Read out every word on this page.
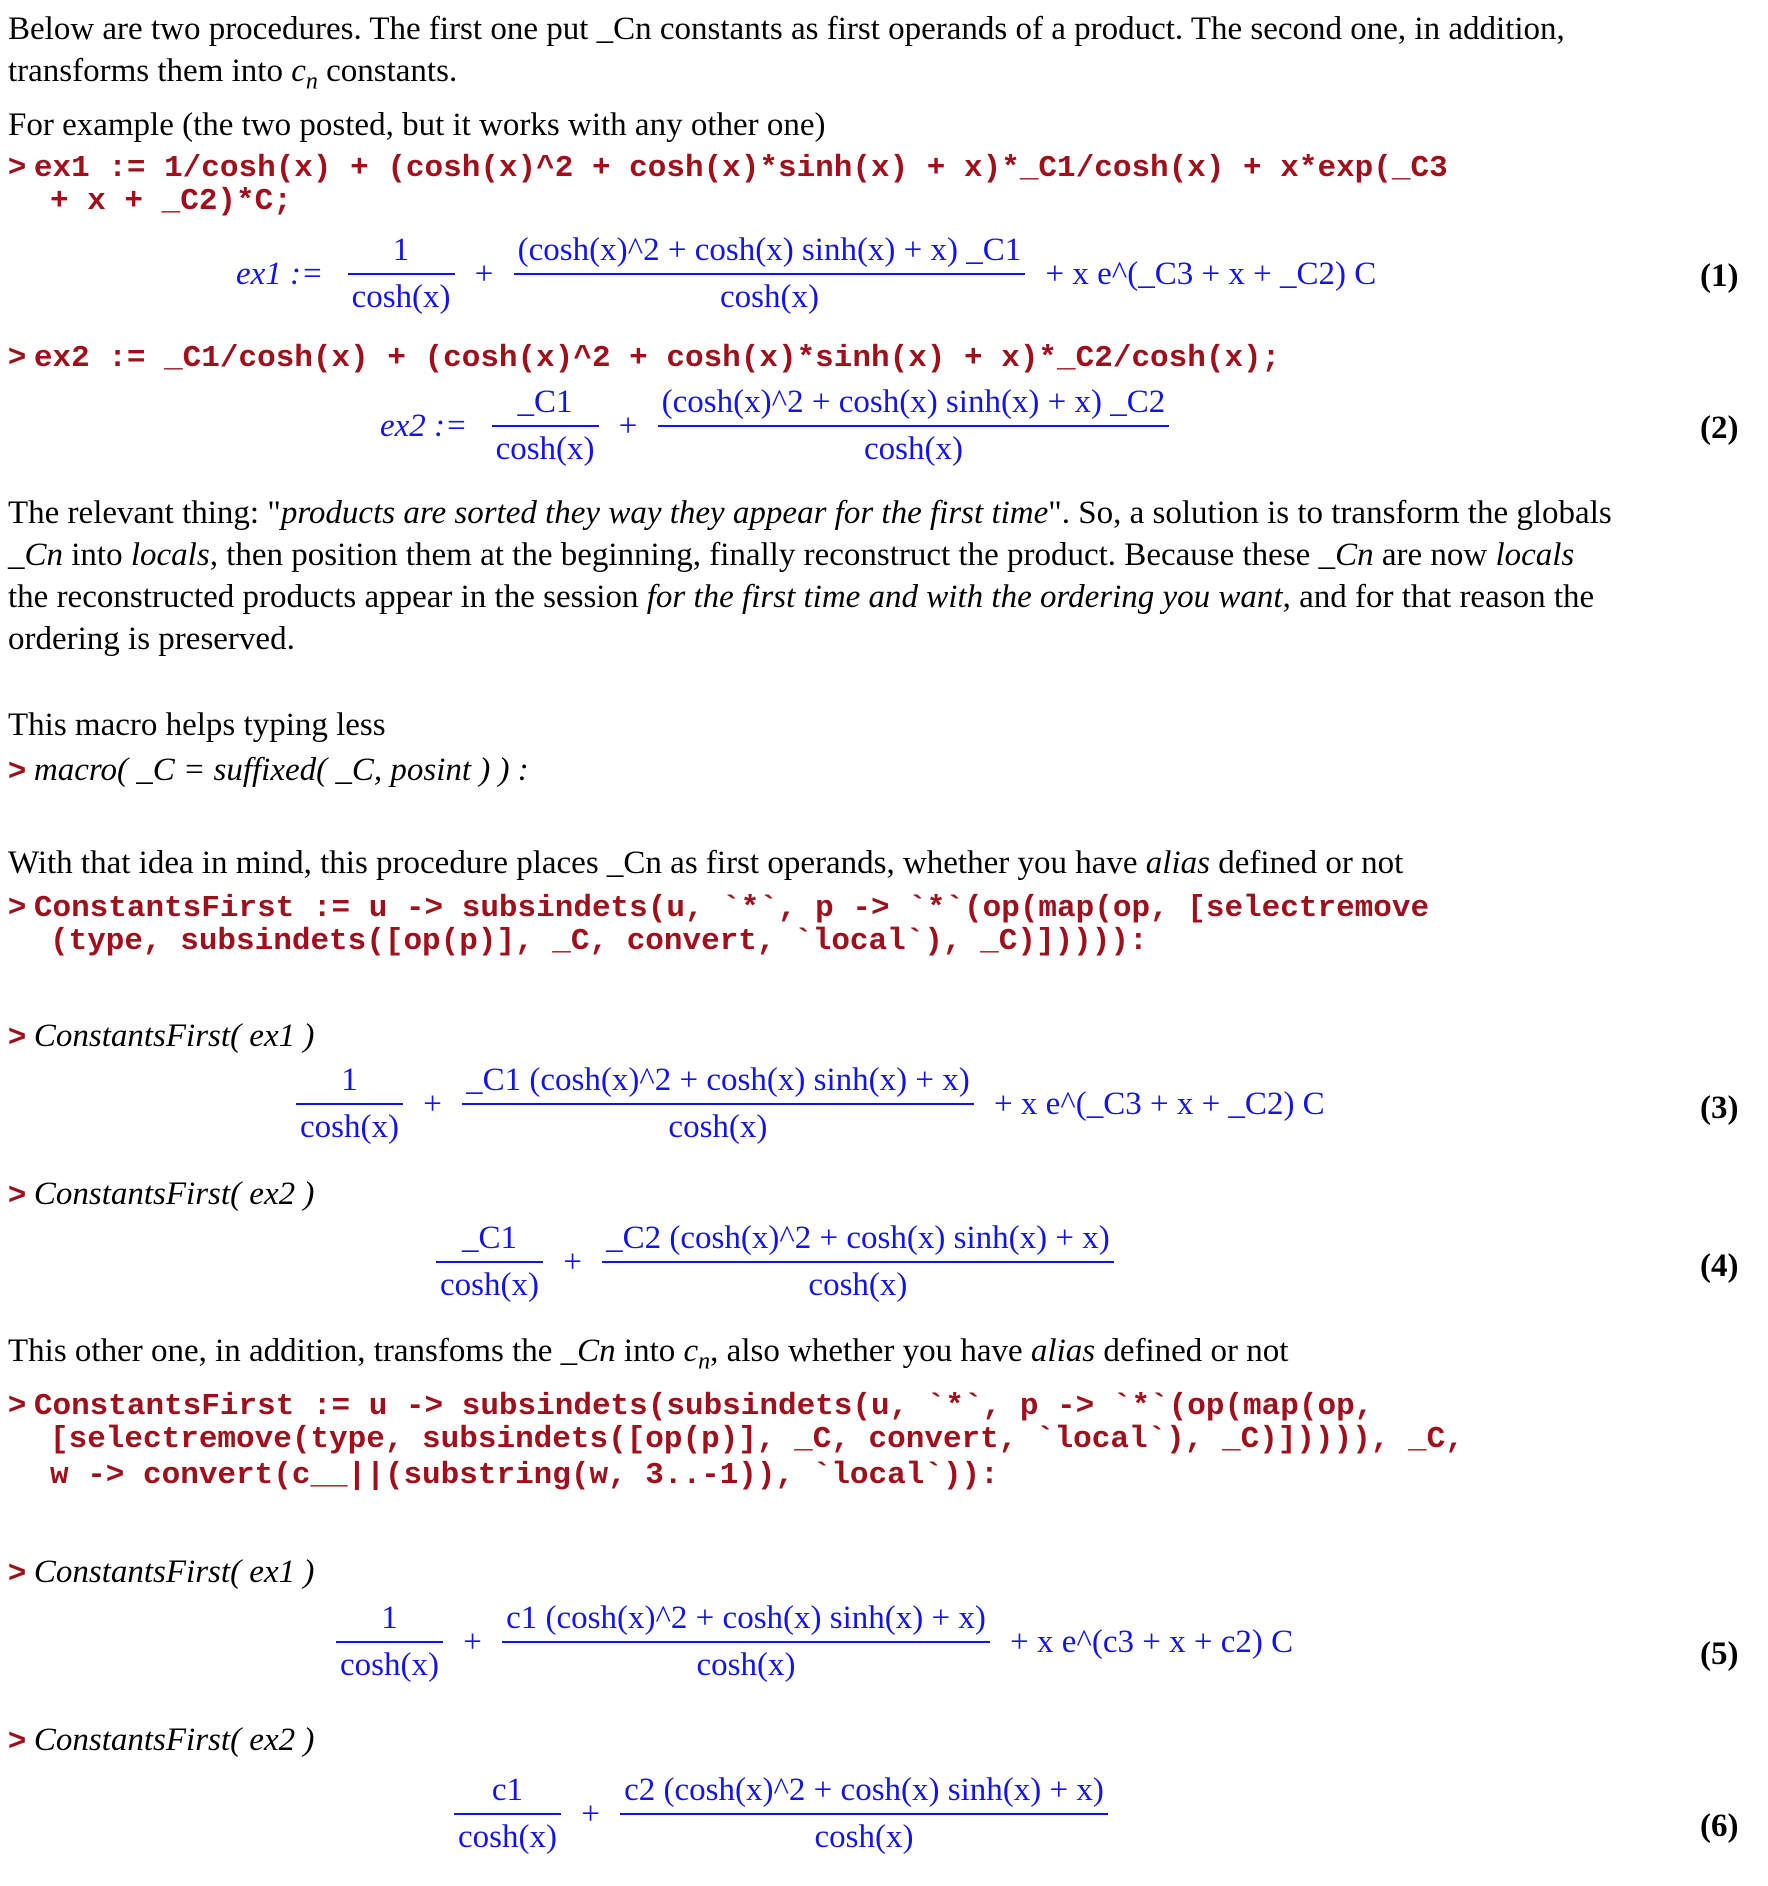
Below are two procedures. The first one put _Cn constants as first operands of a product. The second one, in addition,
transforms them into $c_n$ constants.
For example (the two posted, but it works with any other one)
> ex1 := 1/cosh(x) + (cosh(x)^2 + cosh(x)*sinh(x) + x)*_C1/cosh(x) + x*exp(_C3
+ x + _C2)*C;
ex1 := $\frac{1}{\cosh(x)} + \frac{(\cosh(x)\^{}2 + \cosh(x) \sinh(x) + x) \_C1}{\cosh(x)} + x$ e^(_C3 + x + _C2) C	(1)
> ex2 := _C1/cosh(x) + (cosh(x)^2 + cosh(x)*sinh(x) + x)*_C2/cosh(x);
ex2 := $\frac{\_C1}{\cosh(x)} + \frac{(\cosh(x)\^{}2 + \cosh(x) \sinh(x) + x) \_C2}{\cosh(x)}$	(2)
The relevant thing: "products are sorted they way they appear for the first time". So, a solution is to transform the globals
_Cn into locals, then position them at the beginning, finally reconstruct the product. Because these _Cn are now locals
the reconstructed products appear in the session for the first time and with the ordering you want, and for that reason the
ordering is preserved.
This macro helps typing less
> macro( _C = suffixed( _C, posint ) ) :
With that idea in mind, this procedure places _Cn as first operands, whether you have alias defined or not
> ConstantsFirst := u -> subsindets(u, `*`, p -> `*`(op(map(op, [selectremove
(type, subsindets([op(p)], _C, convert, `local`), _C)])))):
> ConstantsFirst( ex1 )
$\frac{1}{\cosh(x)} + \frac{\_C1 (\cosh(x)\^{}2 + \cosh(x) \sinh(x) + x)}{\cosh(x)} + x$ e^(_C3 + x + _C2) C	(3)
> ConstantsFirst( ex2 )
$\frac{\_C1}{\cosh(x)} + \frac{\_C2 (\cosh(x)\^{}2 + \cosh(x) \sinh(x) + x)}{\cosh(x)}$	(4)
This other one, in addition, transfoms the _Cn into $c_n$, also whether you have alias defined or not
> ConstantsFirst := u -> subsindets(subsindets(u, `*`, p -> `*`(op(map(op,
[selectremove(type, subsindets([op(p)], _C, convert, `local`), _C)])))), _C,
w -> convert(c__||(substring(w, 3..-1)), `local`)):
> ConstantsFirst( ex1 )
$\frac{1}{\cosh(x)} + \frac{c1 (\cosh(x)\^{}2 + \cosh(x) \sinh(x) + x)}{\cosh(x)} + x$ e^(c3 + x + c2) C	(5)
> ConstantsFirst( ex2 )
$\frac{c1}{\cosh(x)} + \frac{c2 (\cosh(x)\^{}2 + \cosh(x) \sinh(x) + x)}{\cosh(x)}$	(6)
